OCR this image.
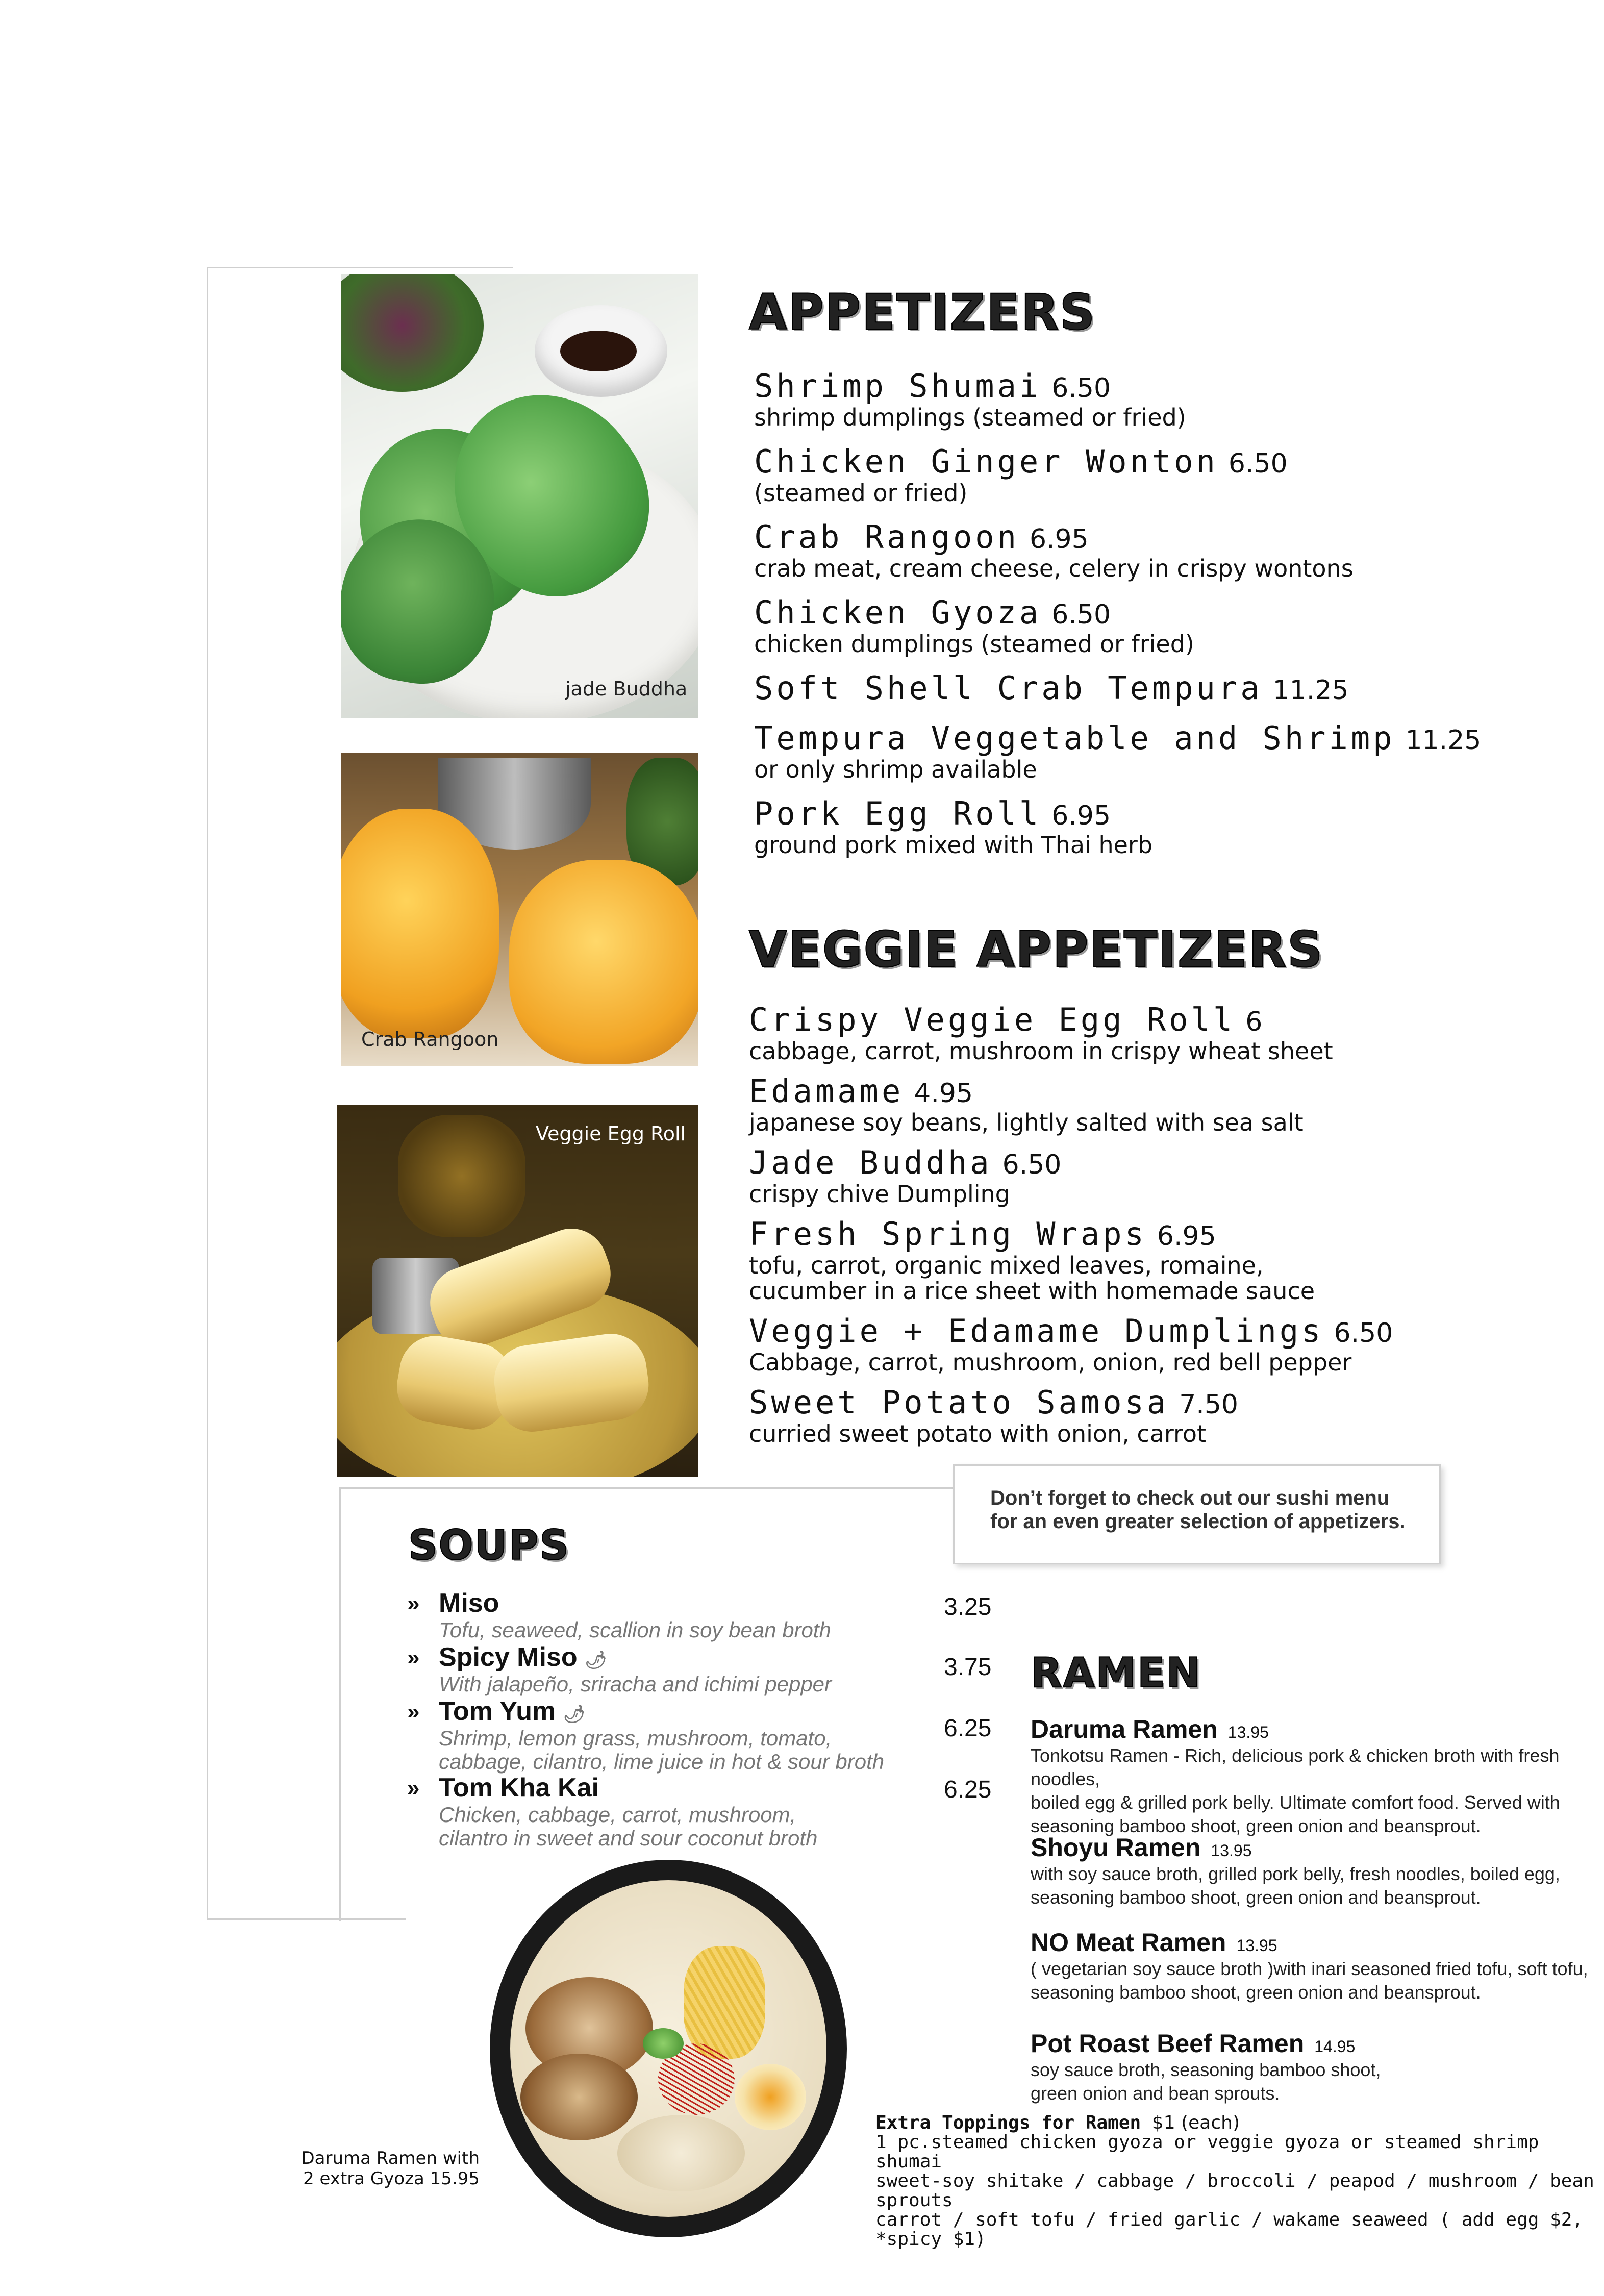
jade Buddha
Crab Rangoon
Veggie Egg Roll
APPETIZERS
Shrimp Shumai 6.50
shrimp dumplings (steamed or fried)
Chicken Ginger Wonton 6.50
(steamed or fried)
Crab Rangoon 6.95
crab meat, cream cheese, celery in crispy wontons
Chicken Gyoza 6.50
chicken dumplings (steamed or fried)
Soft Shell Crab Tempura 11.25
Tempura Veggetable and Shrimp 11.25
or only shrimp available
Pork Egg Roll 6.95
ground pork mixed with Thai herb
VEGGIE APPETIZERS
Crispy Veggie Egg Roll 6
cabbage, carrot, mushroom in crispy wheat sheet
Edamame 4.95
japanese soy beans, lightly salted with sea salt
Jade Buddha 6.50
crispy chive Dumpling
Fresh Spring Wraps 6.95
tofu, carrot, organic mixed leaves, romaine,
cucumber in a rice sheet with homemade sauce
Veggie + Edamame Dumplings 6.50
Cabbage, carrot, mushroom, onion, red bell pepper
Sweet Potato Samosa 7.50
curried sweet potato with onion, carrot
Don’t forget to check out our sushi menu
for an even greater selection of appetizers.
SOUPS
» Miso
Tofu, seaweed, scallion in soy bean broth
3.25
» Spicy Miso 🌶
With jalapeño, sriracha and ichimi pepper
3.75
» Tom Yum 🌶
Shrimp, lemon grass, mushroom, tomato,
cabbage, cilantro, lime juice in hot & sour broth
6.25
» Tom Kha Kai
Chicken, cabbage, carrot, mushroom,
cilantro in sweet and sour coconut broth
6.25
Daruma Ramen with
2 extra Gyoza 15.95
RAMEN
Daruma Ramen 13.95
Tonkotsu Ramen - Rich, delicious pork & chicken broth with fresh noodles,
boiled egg & grilled pork belly. Ultimate comfort food. Served with
seasoning bamboo shoot, green onion and beansprout.
Shoyu Ramen 13.95
with soy sauce broth, grilled pork belly, fresh noodles, boiled egg,
seasoning bamboo shoot, green onion and beansprout.
NO Meat Ramen 13.95
( vegetarian soy sauce broth )with inari seasoned fried tofu, soft tofu,
seasoning bamboo shoot, green onion and beansprout.
Pot Roast Beef Ramen 14.95
soy sauce broth, seasoning bamboo shoot,
green onion and bean sprouts.
Extra Toppings for Ramen $1 (each)
1 pc.steamed chicken gyoza or veggie gyoza or steamed shrimp shumai
sweet-soy shitake / cabbage / broccoli / peapod / mushroom / bean sprouts
carrot / soft tofu / fried garlic / wakame seaweed ( add egg $2, *spicy $1)
